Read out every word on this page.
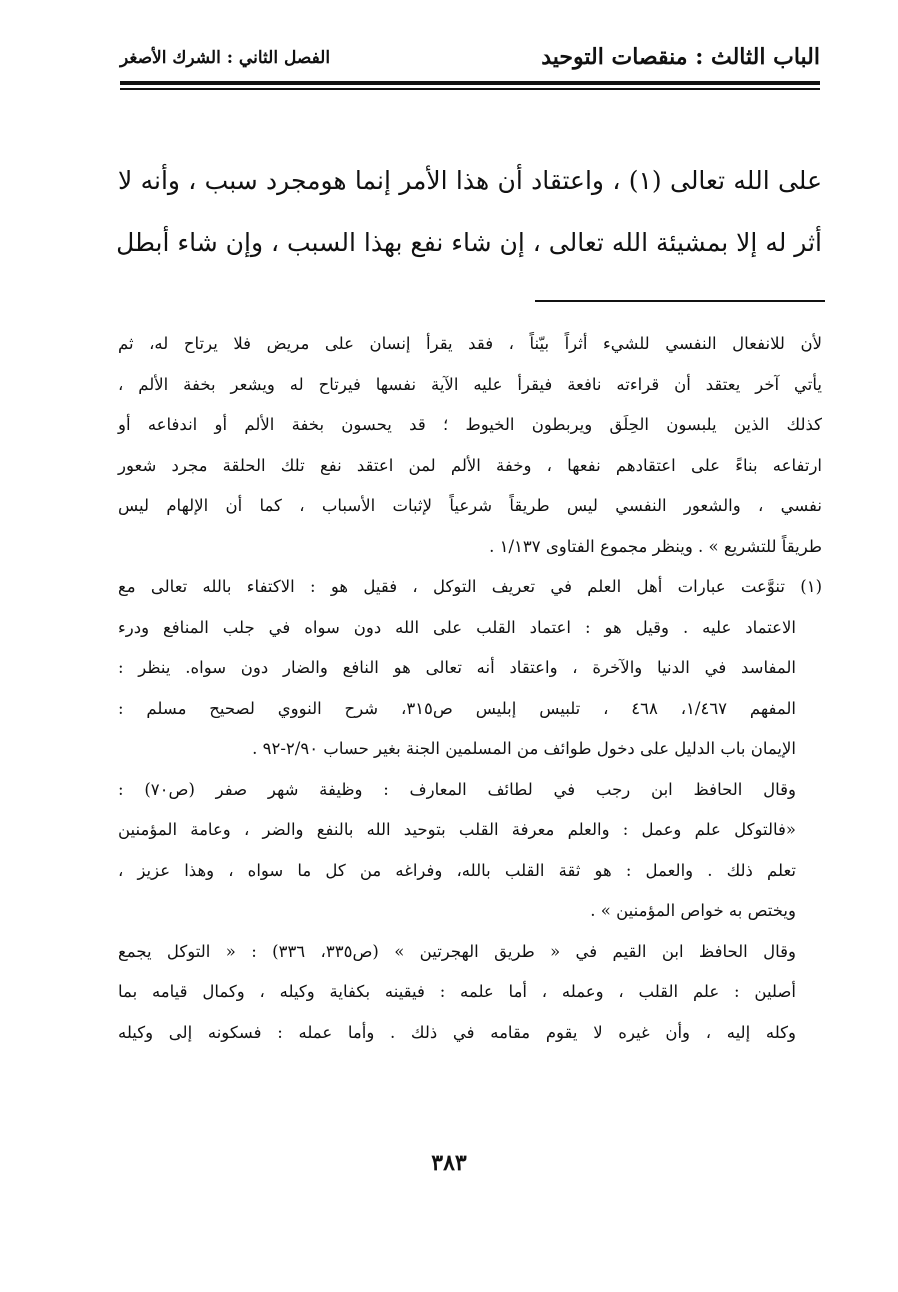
الباب الثالث : منقصات التوحيد
الفصل الثاني : الشرك الأصغر
على الله تعالى (١) ، واعتقاد أن هذا الأمر إنما هومجرد سبب ، وأنه لا
أثر له إلا بمشيئة الله تعالى ، إن شاء نفع بهذا السبب ، وإن شاء أبطل
لأن للانفعال النفسي للشيء أثراً بيّناً ، فقد يقرأ إنسان على مريض فلا يرتاح له، ثم
يأتي آخر يعتقد أن قراءته نافعة فيقرأ عليه الآية نفسها فيرتاح له ويشعر بخفة الألم ،
كذلك الذين يلبسون الحِلَق ويربطون الخيوط ؛ قد يحسون بخفة الألم أو اندفاعه أو
ارتفاعه بناءً على اعتقادهم نفعها ، وخفة الألم لمن اعتقد نفع تلك الحلقة مجرد شعور
نفسي ، والشعور النفسي ليس طريقاً شرعياً لإثبات الأسباب ، كما أن الإلهام ليس
طريقاً للتشريع » . وينظر مجموع الفتاوى ١/١٣٧ .
(١) تنوَّعت عبارات أهل العلم في تعريف التوكل ، فقيل هو : الاكتفاء بالله تعالى مع
الاعتماد عليه . وقيل هو : اعتماد القلب على الله دون سواه في جلب المنافع ودرء
المفاسد في الدنيا والآخرة ، واعتقاد أنه تعالى هو النافع والضار دون سواه. ينظر :
المفهم ١/٤٦٧، ٤٦٨ ، تلبيس إبليس ص٣١٥، شرح النووي لصحيح مسلم :
الإيمان باب الدليل على دخول طوائف من المسلمين الجنة بغير حساب ٢/٩٠-٩٢ .
وقال الحافظ ابن رجب في لطائف المعارف : وظيفة شهر صفر (ص٧٠) :
«فالتوكل علم وعمل : والعلم معرفة القلب بتوحيد الله بالنفع والضر ، وعامة المؤمنين
تعلم ذلك . والعمل : هو ثقة القلب بالله، وفراغه من كل ما سواه ، وهذا عزيز ،
ويختص به خواص المؤمنين » .
وقال الحافظ ابن القيم في « طريق الهجرتين » (ص٣٣٥، ٣٣٦) : « التوكل يجمع
أصلين : علم القلب ، وعمله ، أما علمه : فيقينه بكفاية وكيله ، وكمال قيامه بما
وكله إليه ، وأن غيره لا يقوم مقامه في ذلك . وأما عمله : فسكونه إلى وكيله
٣٨٣
